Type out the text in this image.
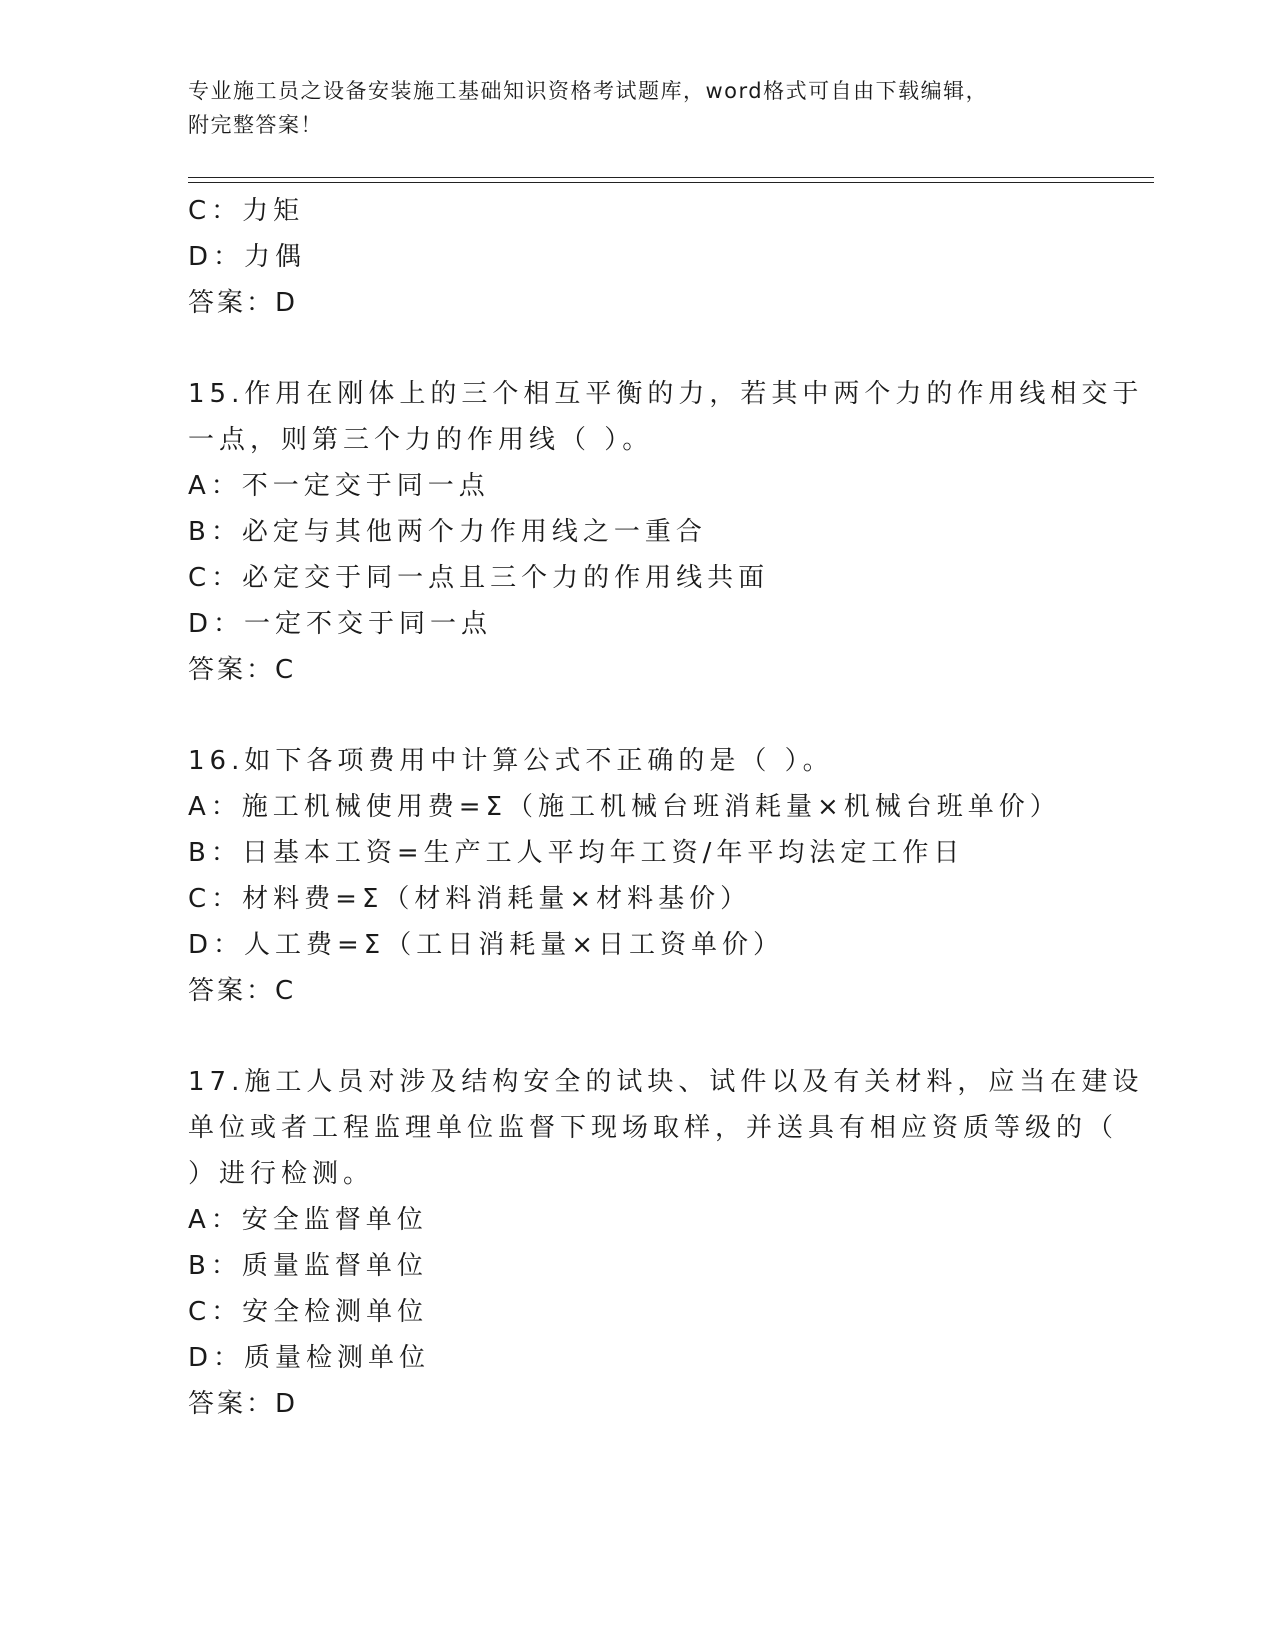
专业施工员之设备安装施工基础知识资格考试题库，word格式可自由下载编辑，
附完整答案！
C：力矩
D：力偶
答案：D
15.作用在刚体上的三个相互平衡的力，若其中两个力的作用线相交于
一点，则第三个力的作用线（ ）。
A：不一定交于同一点
B：必定与其他两个力作用线之一重合
C：必定交于同一点且三个力的作用线共面
D：一定不交于同一点
答案：C
16.如下各项费用中计算公式不正确的是（ ）。
A：施工机械使用费=Σ（施工机械台班消耗量×机械台班单价）
B：日基本工资=生产工人平均年工资/年平均法定工作日
C：材料费=Σ（材料消耗量×材料基价）
D：人工费=Σ（工日消耗量×日工资单价）
答案：C
17.施工人员对涉及结构安全的试块、试件以及有关材料，应当在建设
单位或者工程监理单位监督下现场取样，并送具有相应资质等级的（
）进行检测。
A：安全监督单位
B：质量监督单位
C：安全检测单位
D：质量检测单位
答案：D
